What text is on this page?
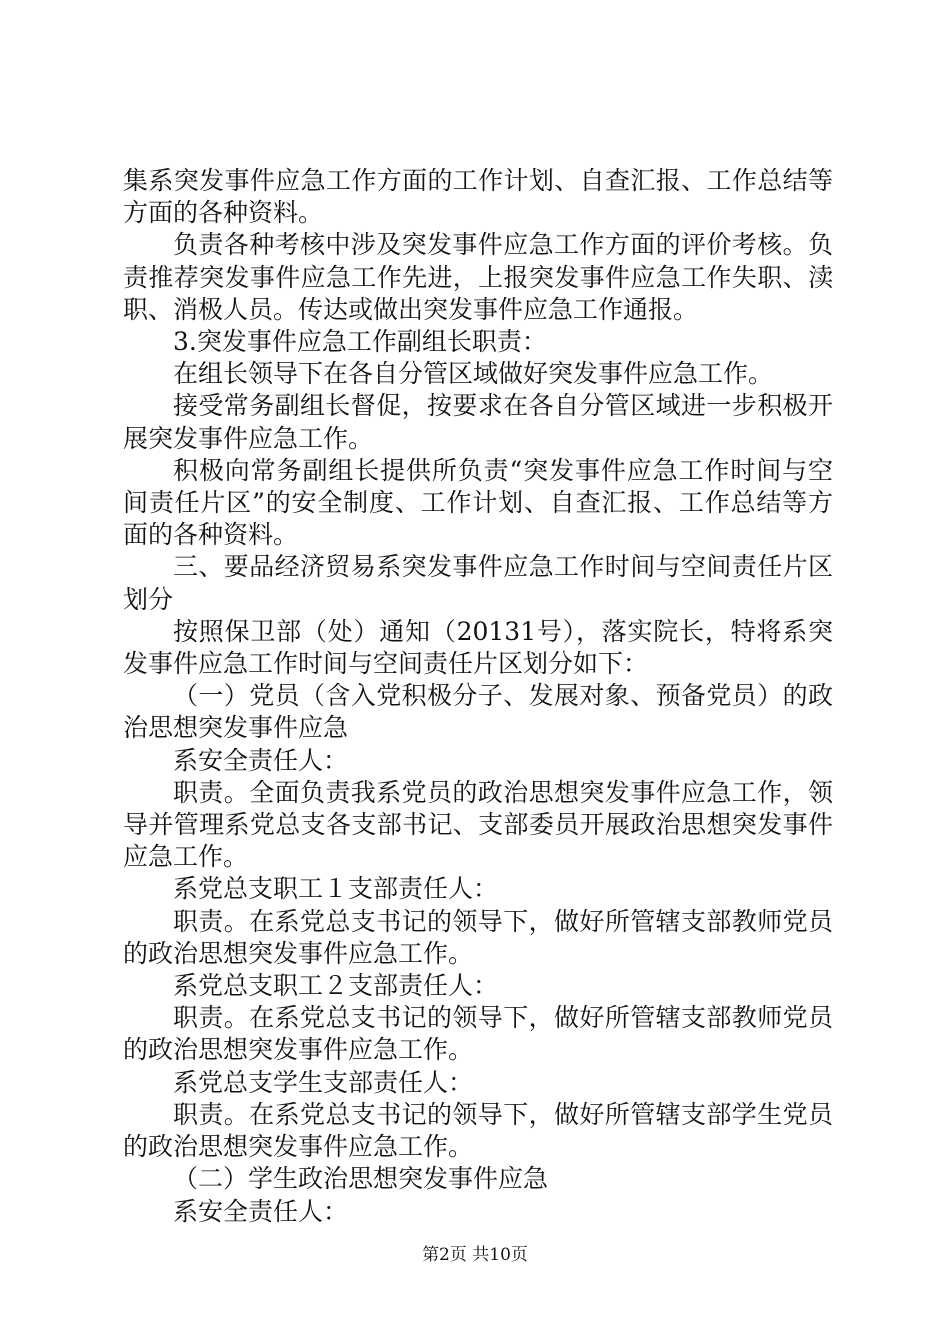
集系突发事件应急工作方面的工作计划、自查汇报、工作总结等方面的各种资料。

负责各种考核中涉及突发事件应急工作方面的评价考核。负责推荐突发事件应急工作先进，上报突发事件应急工作失职、渎职、消极人员。传达或做出突发事件应急工作通报。

3.突发事件应急工作副组长职责：

在组长领导下在各自分管区域做好突发事件应急工作。

接受常务副组长督促，按要求在各自分管区域进一步积极开展突发事件应急工作。

积极向常务副组长提供所负责“突发事件应急工作时间与空间责任片区”的安全制度、工作计划、自查汇报、工作总结等方面的各种资料。

三、要品经济贸易系突发事件应急工作时间与空间责任片区划分

按照保卫部（处）通知（20131号），落实院长，特将系突发事件应急工作时间与空间责任片区划分如下：

（一）党员（含入党积极分子、发展对象、预备党员）的政治思想突发事件应急

系安全责任人：

职责。全面负责我系党员的政治思想突发事件应急工作，领导并管理系党总支各支部书记、支部委员开展政治思想突发事件应急工作。

系党总支职工１支部责任人：

职责。在系党总支书记的领导下，做好所管辖支部教师党员的政治思想突发事件应急工作。

系党总支职工２支部责任人：

职责。在系党总支书记的领导下，做好所管辖支部教师党员的政治思想突发事件应急工作。

系党总支学生支部责任人：

职责。在系党总支书记的领导下，做好所管辖支部学生党员的政治思想突发事件应急工作。

（二）学生政治思想突发事件应急

系安全责任人：

第2页 共10页
